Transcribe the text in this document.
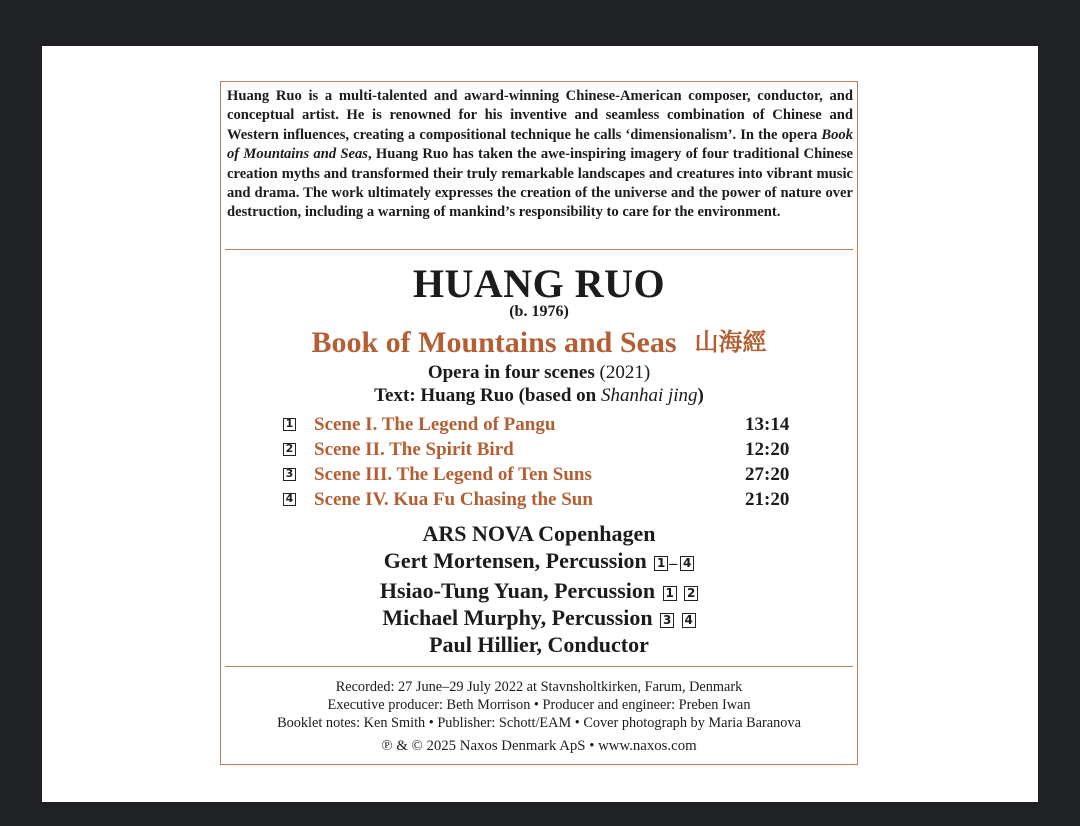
Huang Ruo is a multi-talented and award-winning Chinese-American composer, conductor, and conceptual artist. He is renowned for his inventive and seamless combination of Chinese and Western influences, creating a compositional technique he calls ‘dimensionalism’. In the opera Book of Mountains and Seas, Huang Ruo has taken the awe-inspiring imagery of four traditional Chinese creation myths and transformed their truly remarkable landscapes and creatures into vibrant music and drama. The work ultimately expresses the creation of the universe and the power of nature over destruction, including a warning of mankind’s responsibility to care for the environment.
HUANG RUO
(b. 1976)
Book of Mountains and Seas 山海經
Opera in four scenes (2021)
Text: Huang Ruo (based on Shanhai jing)
1 Scene I. The Legend of Pangu	13:14
2 Scene II. The Spirit Bird	12:20
3 Scene III. The Legend of Ten Suns	27:20
4 Scene IV. Kua Fu Chasing the Sun	21:20
ARS NOVA Copenhagen
Gert Mortensen, Percussion 1 – 4
Hsiao-Tung Yuan, Percussion 1 2
Michael Murphy, Percussion 3 4
Paul Hillier, Conductor
Recorded: 27 June–29 July 2022 at Stavnsholtkirken, Farum, Denmark
Executive producer: Beth Morrison • Producer and engineer: Preben Iwan
Booklet notes: Ken Smith • Publisher: Schott/EAM • Cover photograph by Maria Baranova
℗ & © 2025 Naxos Denmark ApS • www.naxos.com
